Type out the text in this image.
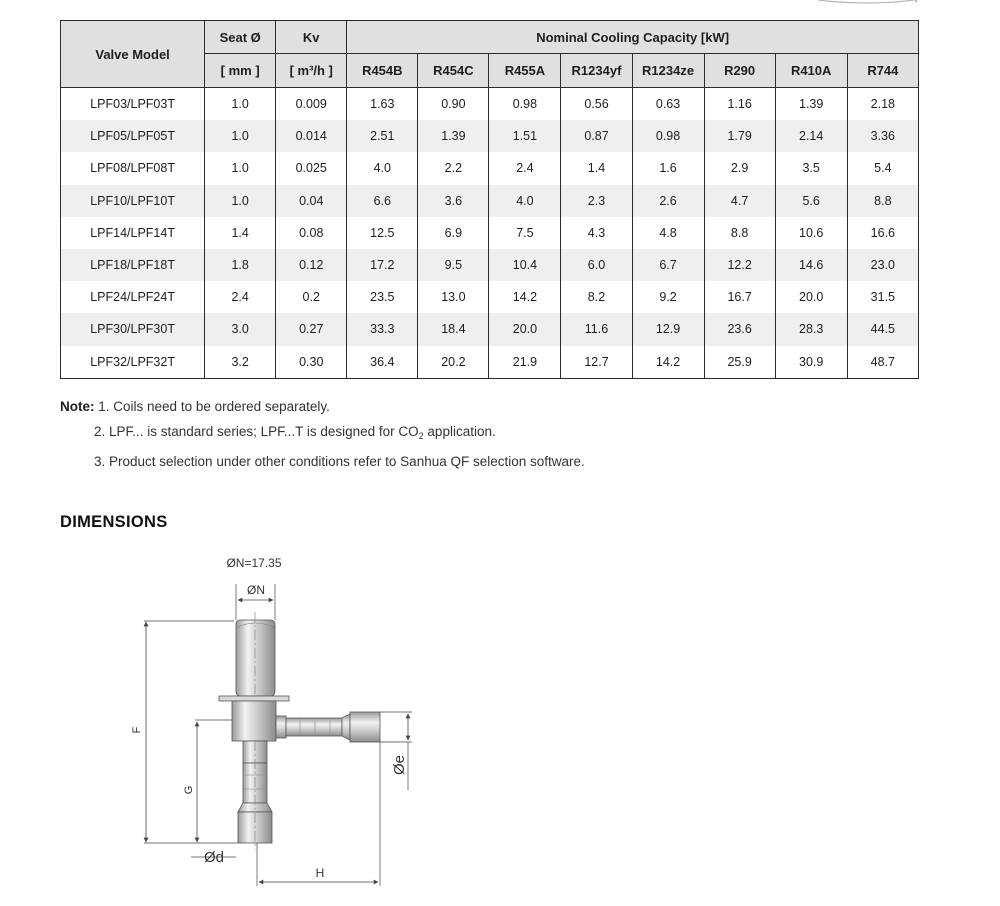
Valve Model	Seat Ø	Kv	Nominal Cooling Capacity [kW]							
	[ mm ]	[ m³/h ]	R454B	R454C	R455A	R1234yf	R1234ze	R290	R410A	R744
LPF03/LPF03T	1.0	0.009	1.63	0.90	0.98	0.56	0.63	1.16	1.39	2.18
LPF05/LPF05T	1.0	0.014	2.51	1.39	1.51	0.87	0.98	1.79	2.14	3.36
LPF08/LPF08T	1.0	0.025	4.0	2.2	2.4	1.4	1.6	2.9	3.5	5.4
LPF10/LPF10T	1.0	0.04	6.6	3.6	4.0	2.3	2.6	4.7	5.6	8.8
LPF14/LPF14T	1.4	0.08	12.5	6.9	7.5	4.3	4.8	8.8	10.6	16.6
LPF18/LPF18T	1.8	0.12	17.2	9.5	10.4	6.0	6.7	12.2	14.6	23.0
LPF24/LPF24T	2.4	0.2	23.5	13.0	14.2	8.2	9.2	16.7	20.0	31.5
LPF30/LPF30T	3.0	0.27	33.3	18.4	20.0	11.6	12.9	23.6	28.3	44.5
LPF32/LPF32T	3.2	0.30	36.4	20.2	21.9	12.7	14.2	25.9	30.9	48.7
Note: 1. Coils need to be ordered separately.
2. LPF... is standard series; LPF...T is designed for $CO_2$ application.
3. Product selection under other conditions refer to Sanhua QF selection software.
DIMENSIONS
ØN=17.35
ØN
F
G
Ød
Øe
H
